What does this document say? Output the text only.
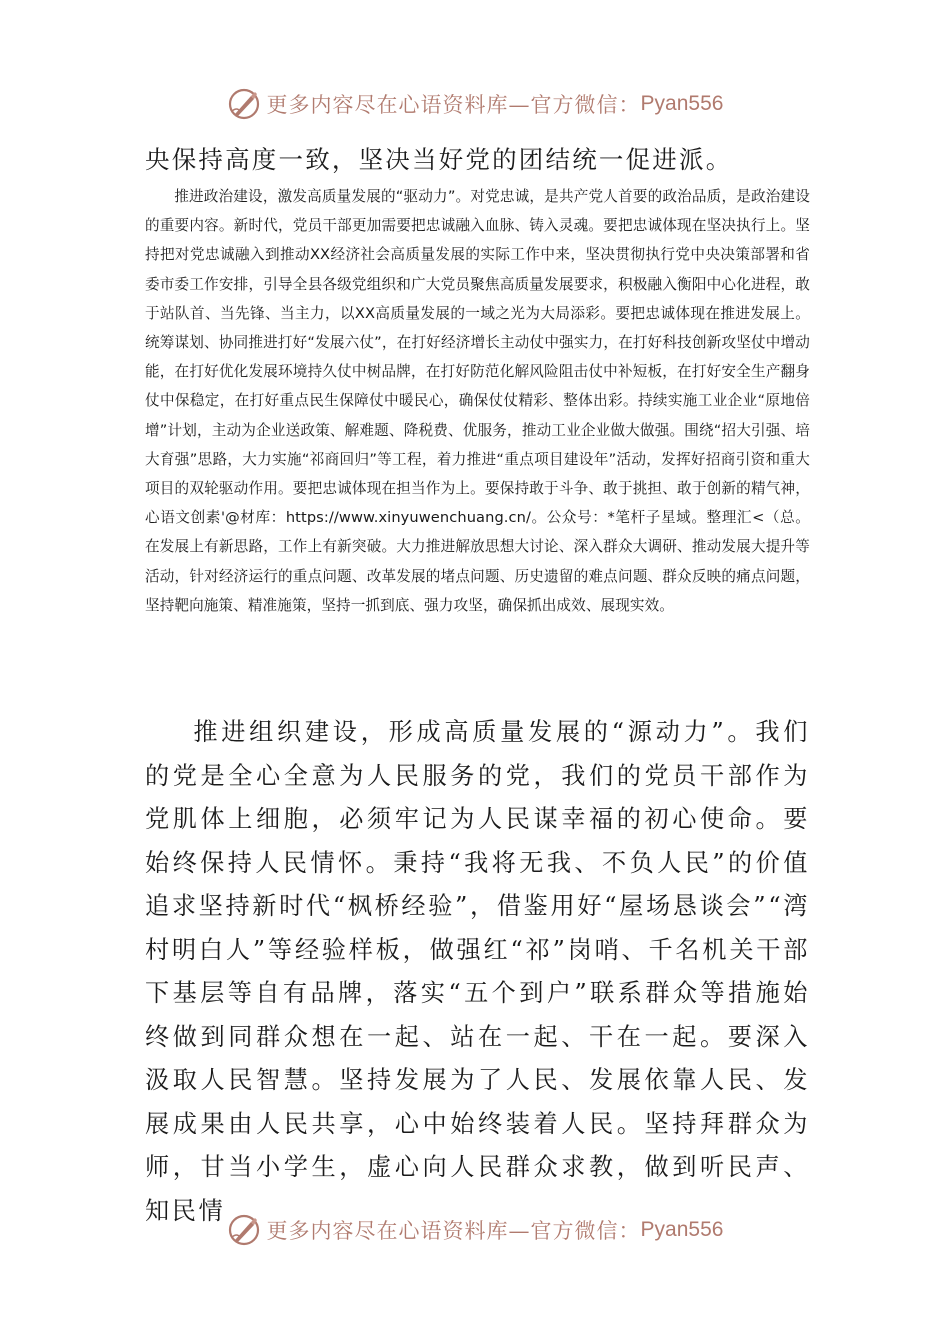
更多内容尽在心语资料库—官方微信： Pyan556
央保持高度一致，坚决当好党的团结统一促进派。
推进政治建设，激发高质量发展的“驱动力”。对党忠诚，是共产党人首要的政治品质，是政治建设的重要内容。新时代，党员干部更加需要把忠诚融入血脉、铸入灵魂。要把忠诚体现在坚决执行上。坚持把对党忠诚融入到推动XX经济社会高质量发展的实际工作中来，坚决贯彻执行党中央决策部署和省委市委工作安排，引导全县各级党组织和广大党员聚焦高质量发展要求，积极融入衡阳中心化进程，敢于站队首、当先锋、当主力，以XX高质量发展的一域之光为大局添彩。要把忠诚体现在推进发展上。统筹谋划、协同推进打好“发展六仗”，在打好经济增长主动仗中强实力，在打好科技创新攻坚仗中增动能，在打好优化发展环境持久仗中树品牌，在打好防范化解风险阻击仗中补短板，在打好安全生产翻身仗中保稳定，在打好重点民生保障仗中暖民心，确保仗仗精彩、整体出彩。持续实施工业企业“原地倍增”计划，主动为企业送政策、解难题、降税费、优服务，推动工业企业做大做强。围绕“招大引强、培大育强”思路，大力实施“祁商回归”等工程，着力推进“重点项目建设年”活动，发挥好招商引资和重大项目的双轮驱动作用。要把忠诚体现在担当作为上。要保持敢于斗争、敢于挑担、敢于创新的精气神，心语文创素'@材库：https://www.xinyuwenchuang.cn/。公众号：*笔杆子星域。整理汇<（总。在发展上有新思路，工作上有新突破。大力推进解放思想大讨论、深入群众大调研、推动发展大提升等活动，针对经济运行的重点问题、改革发展的堵点问题、历史遗留的难点问题、群众反映的痛点问题，坚持靶向施策、精准施策，坚持一抓到底、强力攻坚，确保抓出成效、展现实效。
推进组织建设，形成高质量发展的“源动力”。我们的党是全心全意为人民服务的党，我们的党员干部作为党肌体上细胞，必须牢记为人民谋幸福的初心使命。要始终保持人民情怀。秉持“我将无我、不负人民”的价值追求坚持新时代“枫桥经验”，借鉴用好“屋场恳谈会”“湾村明白人”等经验样板，做强红“祁”岗哨、千名机关干部下基层等自有品牌，落实“五个到户”联系群众等措施始终做到同群众想在一起、站在一起、干在一起。要深入汲取人民智慧。坚持发展为了人民、发展依靠人民、发展成果由人民共享，心中始终装着人民。坚持拜群众为师，甘当小学生，虚心向人民群众求教，做到听民声、知民情
更多内容尽在心语资料库—官方微信： Pyan556
